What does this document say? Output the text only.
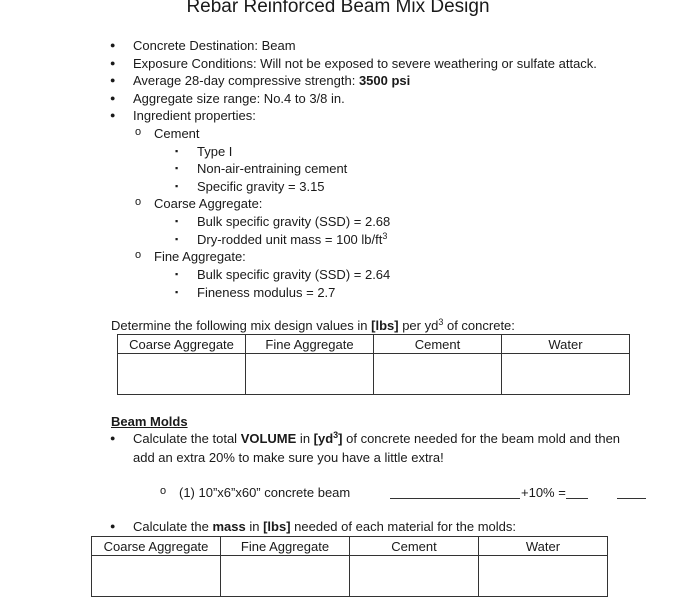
Rebar Reinforced Beam Mix Design
● Concrete Destination: Beam
● Exposure Conditions: Will not be exposed to severe weathering or sulfate attack.
● Average 28-day compressive strength: 3500 psi
● Aggregate size range: No.4 to 3/8 in.
● Ingredient properties:
o Cement
▪ Type I
▪ Non-air-entraining cement
▪ Specific gravity = 3.15
o Coarse Aggregate:
▪ Bulk specific gravity (SSD) = 2.68
▪ Dry-rodded unit mass = 100 $lb/ft^3$
o Fine Aggregate:
▪ Bulk specific gravity (SSD) = 2.64
▪ Fineness modulus = 2.7
Determine the following mix design values in [lbs] per $yd^3$ of concrete:
Coarse Aggregate	Fine Aggregate	Cement	Water

Beam Molds
● Calculate the total VOLUME in $[yd^3]$ of concrete needed for the beam mold and then
add an extra 20% to make sure you have a little extra!
o (1) 10”x6”x60” concrete beam	+10% =
● Calculate the mass in [lbs] needed of each material for the molds:
Coarse Aggregate	Fine Aggregate	Cement	Water
